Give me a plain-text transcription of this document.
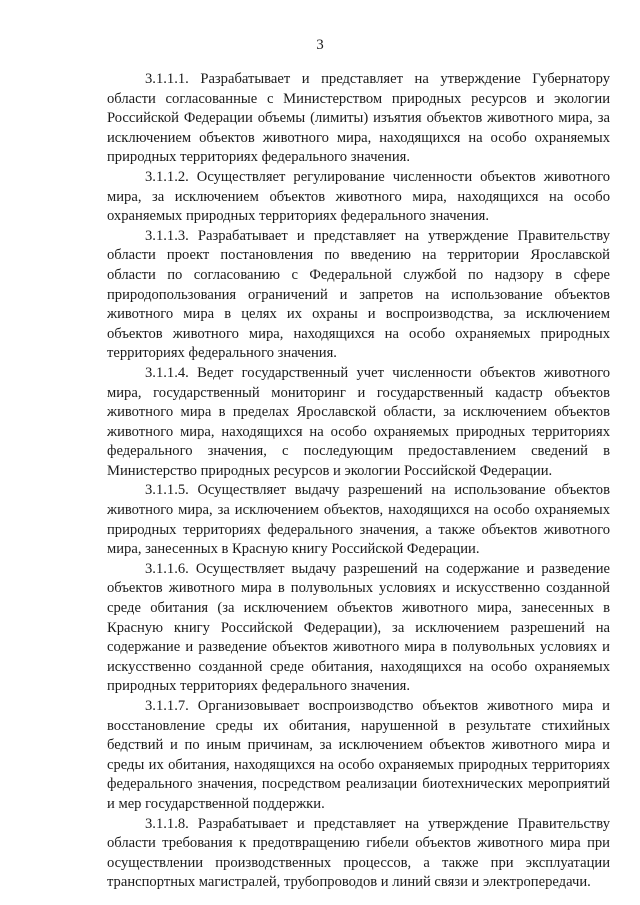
3

3.1.1.1. Разрабатывает и представляет на утверждение Губернатору области согласованные с Министерством природных ресурсов и экологии Российской Федерации объемы (лимиты) изъятия объектов животного мира, за исключением объектов животного мира, находящихся на особо охраняемых природных территориях федерального значения.

3.1.1.2. Осуществляет регулирование численности объектов животного мира, за исключением объектов животного мира, находящихся на особо охраняемых природных территориях федерального значения.

3.1.1.3. Разрабатывает и представляет на утверждение Правительству области проект постановления по введению на территории Ярославской области по согласованию с Федеральной службой по надзору в сфере природопользования ограничений и запретов на использование объектов животного мира в целях их охраны и воспроизводства, за исключением объектов животного мира, находящихся на особо охраняемых природных территориях федерального значения.

3.1.1.4. Ведет государственный учет численности объектов животного мира, государственный мониторинг и государственный кадастр объектов животного мира в пределах Ярославской области, за исключением объектов животного мира, находящихся на особо охраняемых природных территориях федерального значения, с последующим предоставлением сведений в Министерство природных ресурсов и экологии Российской Федерации.

3.1.1.5. Осуществляет выдачу разрешений на использование объектов животного мира, за исключением объектов, находящихся на особо охраняемых природных территориях федерального значения, а также объектов животного мира, занесенных в Красную книгу Российской Федерации.

3.1.1.6. Осуществляет выдачу разрешений на содержание и разведение объектов животного мира в полувольных условиях и искусственно созданной среде обитания (за исключением объектов животного мира, занесенных в Красную книгу Российской Федерации), за исключением разрешений на содержание и разведение объектов животного мира в полувольных условиях и искусственно созданной среде обитания, находящихся на особо охраняемых природных территориях федерального значения.

3.1.1.7. Организовывает воспроизводство объектов животного мира и восстановление среды их обитания, нарушенной в результате стихийных бедствий и по иным причинам, за исключением объектов животного мира и среды их обитания, находящихся на особо охраняемых природных территориях федерального значения, посредством реализации биотехнических мероприятий и мер государственной поддержки.

3.1.1.8. Разрабатывает и представляет на утверждение Правительству области требования к предотвращению гибели объектов животного мира при осуществлении производственных процессов, а также при эксплуатации транспортных магистралей, трубопроводов и линий связи и электропередачи.
